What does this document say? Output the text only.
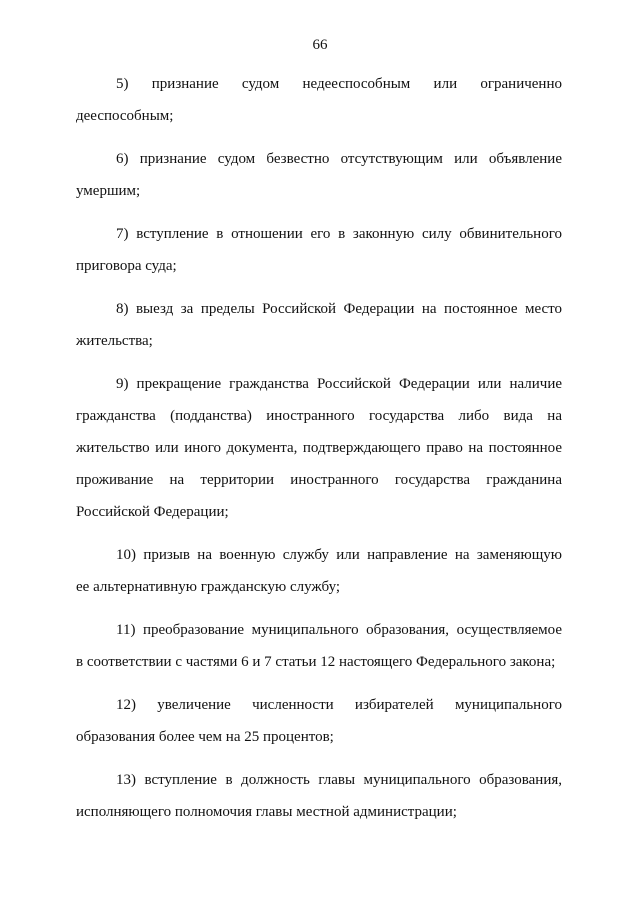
66
5) признание судом недееспособным или ограниченно
дееспособным;
6) признание судом безвестно отсутствующим или объявление
умершим;
7) вступление в отношении его в законную силу обвинительного
приговора суда;
8) выезд за пределы Российской Федерации на постоянное место
жительства;
9) прекращение гражданства Российской Федерации или наличие
гражданства (подданства) иностранного государства либо вида на
жительство или иного документа, подтверждающего право на постоянное
проживание на территории иностранного государства гражданина
Российской Федерации;
10) призыв на военную службу или направление на заменяющую
ее альтернативную гражданскую службу;
11) преобразование муниципального образования, осуществляемое
в соответствии с частями 6 и 7 статьи 12 настоящего Федерального закона;
12) увеличение численности избирателей муниципального
образования более чем на 25 процентов;
13) вступление в должность главы муниципального образования,
исполняющего полномочия главы местной администрации;
